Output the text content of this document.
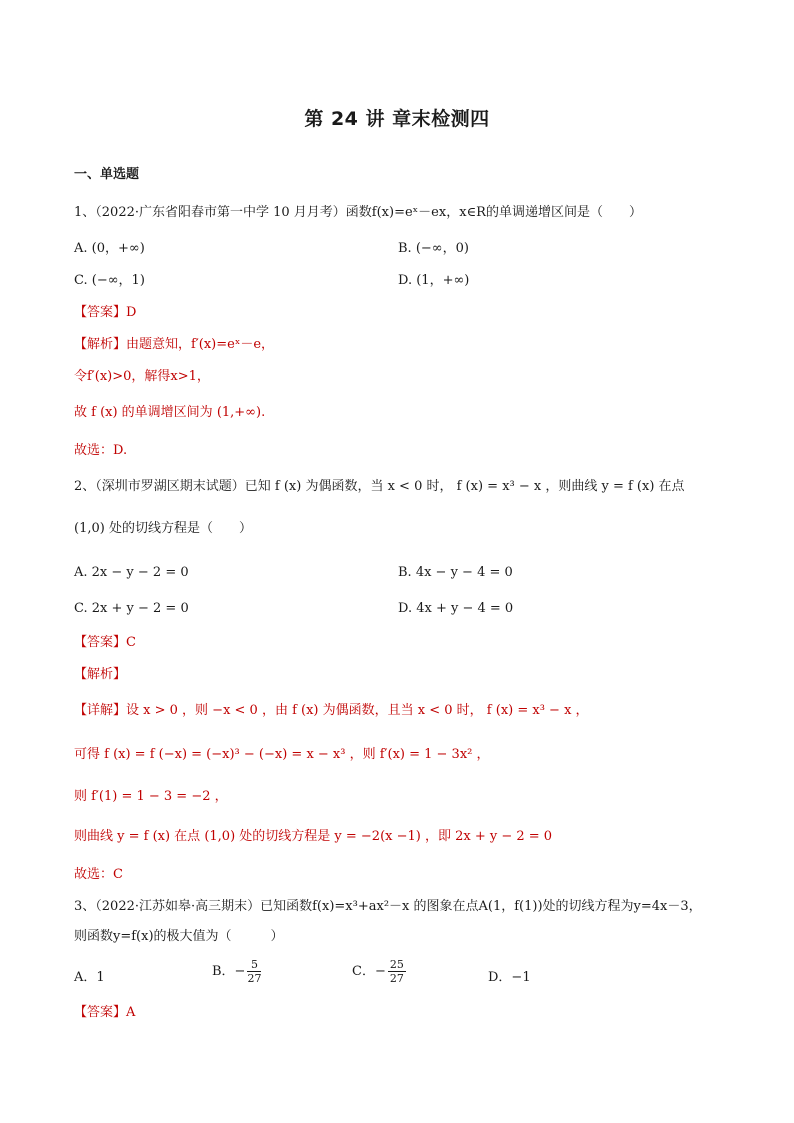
第 24 讲 章末检测四
一、单选题
1、（2022·广东省阳春市第一中学 10 月月考）函数f(x)=eˣ－ex，x∈R的单调递增区间是（　　）
A. (0，+∞)	B. (−∞，0)
C. (−∞，1)	D. (1，+∞)
【答案】D
【解析】由题意知，f′(x)=eˣ－e，
令f′(x)>0，解得x>1，
故 f (x) 的单调增区间为 (1,+∞).
故选：D.
2、（深圳市罗湖区期末试题）已知 f (x) 为偶函数，当 x < 0 时， f (x) = x³ − x ，则曲线 y = f (x) 在点
(1,0) 处的切线方程是（　　）
A. 2x − y − 2 = 0	B. 4x − y − 4 = 0
C. 2x + y − 2 = 0	D. 4x + y − 4 = 0
【答案】C
【解析】
【详解】设 x > 0 ，则 −x < 0 ，由 f (x) 为偶函数，且当 x < 0 时， f (x) = x³ − x ，
可得 f (x) = f (−x) = (−x)³ − (−x) = x − x³ ，则 f′(x) = 1 − 3x² ，
则 f′(1) = 1 − 3 = −2 ，
则曲线 y = f (x) 在点 (1,0) 处的切线方程是 y = −2(x −1) ，即 2x + y − 2 = 0
故选：C
3、（2022·江苏如皋·高三期末）已知函数f(x)=x³+ax²－x 的图象在点A(1，f(1))处的切线方程为y=4x－3，
则函数y=f(x)的极大值为（　　　）
A．1	B．− $\frac{5}{27}$	C．− $\frac{25}{27}$	D．−1
【答案】A
